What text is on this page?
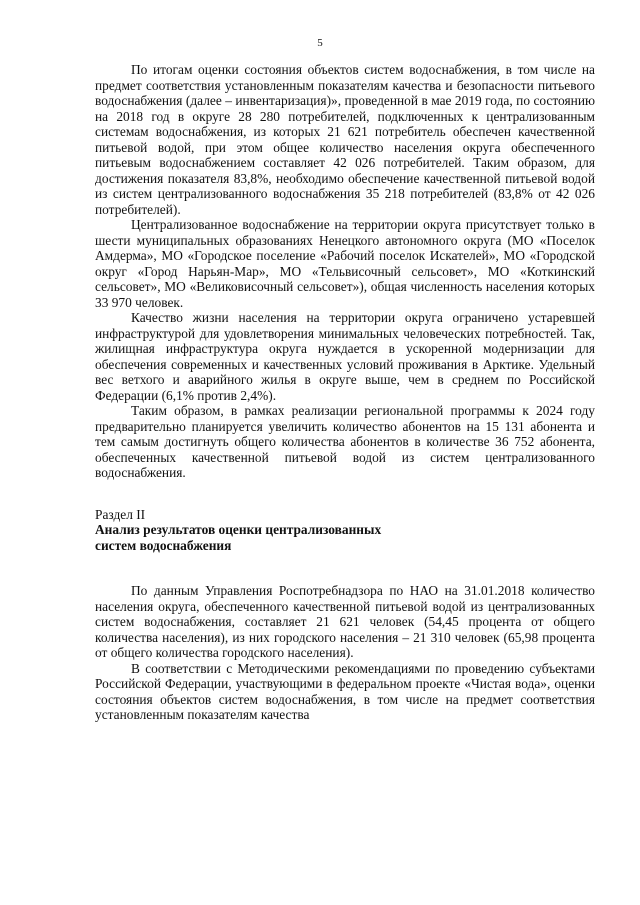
5

По итогам оценки состояния объектов систем водоснабжения, в том числе на предмет соответствия установленным показателям качества и безопасности питьевого водоснабжения (далее – инвентаризация)», проведенной в мае 2019 года, по состоянию на 2018 год в округе 28 280 потребителей, подключенных к централизованным системам водоснабжения, из которых 21 621 потребитель обеспечен качественной питьевой водой, при этом общее количество населения округа обеспеченного питьевым водоснабжением составляет 42 026 потребителей. Таким образом, для достижения показателя 83,8%, необходимо обеспечение качественной питьевой водой из систем централизованного водоснабжения 35 218 потребителей (83,8% от 42 026 потребителей).

Централизованное водоснабжение на территории округа присутствует только в шести муниципальных образованиях Ненецкого автономного округа (МО «Поселок Амдерма», МО «Городское поселение «Рабочий поселок Искателей», МО «Городской округ «Город Нарьян-Мар», МО «Тельвисочный сельсовет», МО «Коткинский сельсовет», МО «Великовисочный сельсовет»), общая численность населения которых 33 970 человек.

Качество жизни населения на территории округа ограничено устаревшей инфраструктурой для удовлетворения минимальных человеческих потребностей. Так, жилищная инфраструктура округа нуждается в ускоренной модернизации для обеспечения современных и качественных условий проживания в Арктике. Удельный вес ветхого и аварийного жилья в округе выше, чем в среднем по Российской Федерации (6,1% против 2,4%).

Таким образом, в рамках реализации региональной программы к 2024 году предварительно планируется увеличить количество абонентов на 15 131 абонента и тем самым достигнуть общего количества абонентов в количестве 36 752 абонента, обеспеченных качественной питьевой водой из систем централизованного водоснабжения.

Раздел II

Анализ результатов оценки централизованных
систем водоснабжения

По данным Управления Роспотребнадзора по НАО на 31.01.2018 количество населения округа, обеспеченного качественной питьевой водой из централизованных систем водоснабжения, составляет 21 621 человек (54,45 процента от общего количества населения), из них городского населения – 21 310 человек (65,98 процента от общего количества городского населения).

В соответствии с Методическими рекомендациями по проведению субъектами Российской Федерации, участвующими в федеральном проекте «Чистая вода», оценки состояния объектов систем водоснабжения, в том числе на предмет соответствия установленным показателям качества
